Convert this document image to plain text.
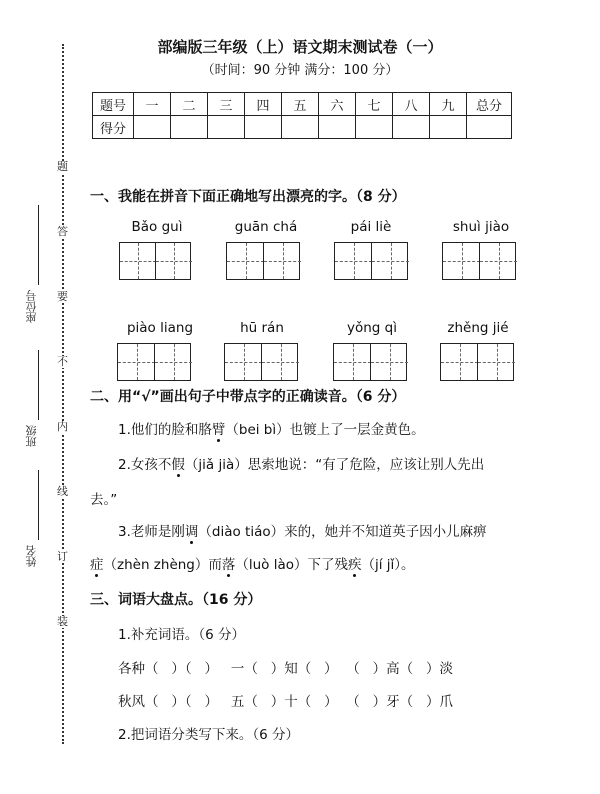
题
答
要
不
内
线
订
装
座位号
班级
姓名
部编版三年级（上）语文期末测试卷（一）
（时间：90 分钟 满分：100 分）
题号	一	二	三	四	五	六	七	八	九	总分
得分										
一、我能在拼音下面正确地写出漂亮的字。（8 分）
Bǎo guì	guān chá	pái liè	shuì jiào
piào liang	hū rán	yǒng qì	zhěng jié
二、用“√”画出句子中带点字的正确读音。（6 分）
1.他们的脸和胳臂（bei bì）也镀上了一层金黄色。
2.女孩不假（jiǎ jià）思索地说：“有了危险，应该让别人先出
去。”
3.老师是刚调（diào tiáo）来的，她并不知道英子因小儿麻痹
症（zhèn zhèng）而落（luò lào）下了残疾（jí jǐ）。
三、词语大盘点。（16 分）
1.补充词语。（6 分）
各种（   ）（   ）   一（   ）知（   ）  （   ）高（   ）淡
秋风（   ）（   ）   五（   ）十（   ）  （   ）牙（   ）爪
2.把词语分类写下来。（6 分）
